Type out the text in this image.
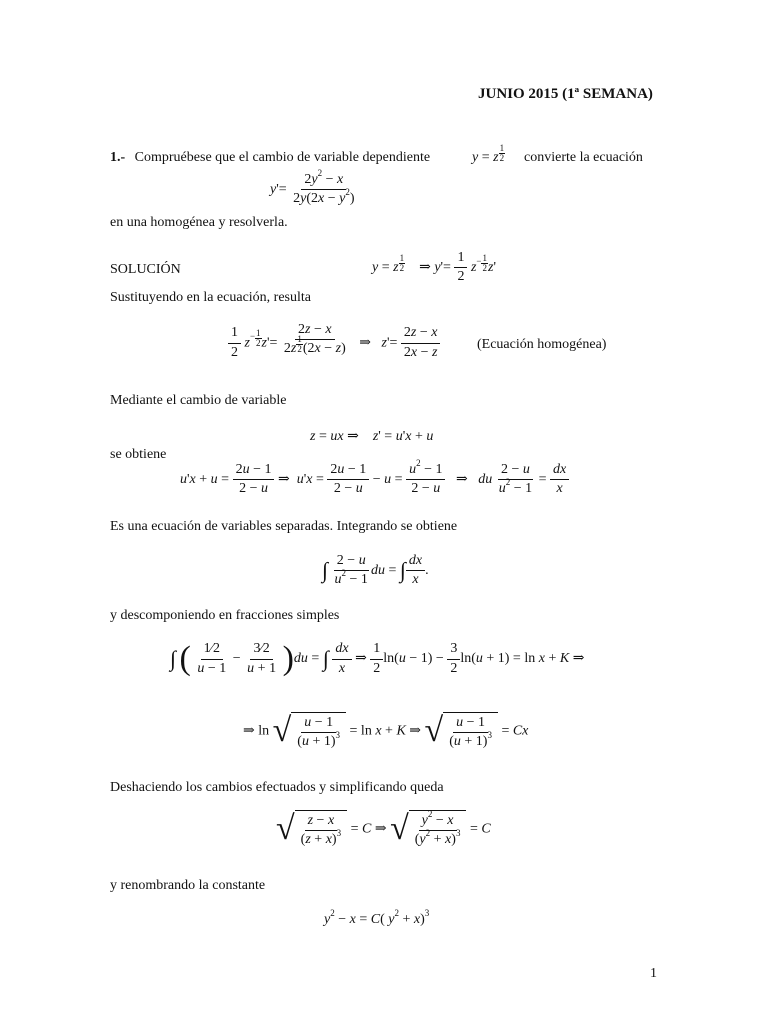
JUNIO 2015 (1ª SEMANA)
1.- Compruébese que el cambio de variable dependiente	y = z $\frac{1}{2}$ convierte la ecuación
$y'= \frac{2y^2 - x}{2y(2x - y^2)}$
en una homogénea y resolverla.
SOLUCIÓN	y = z $\frac{1}{2}$ ⇒ $y'= \frac{1}{2} z^- \frac{1}{2} z'$
Sustituyendo en la ecuación, resulta
$\frac{1}{2} z^- \frac{1}{2} z'= \frac{2z - x}{2z \frac{1}{2} (2x - z)}$ ⇒   $z'= \frac{2z - x}{2x - z}$	(Ecuación homogénea)
Mediante el cambio de variable
z = ux ⇒    z' = u'x + u
se obtiene
$u'x + u = \frac{2u - 1}{2 - u}$ ⇒  $u'x = \frac{2u - 1}{2 - u} - u = \frac{u^2 - 1}{2 - u}$ ⇒   du $\frac{2 - u}{u^2 - 1} = \frac{dx}{x}$
Es una ecuación de variables separadas. Integrando se obtiene
∫ $\frac{2 - u}{u^2 - 1}$ du = ∫ $\frac{dx}{x}$ .
y descomponiendo en fracciones simples
∫ ( $\frac{1⁄2}{u - 1} - \frac{3⁄2}{u + 1} )du$ = ∫ $\frac{dx}{x}$ ⇒ $\frac{1}{2} \ln(u - 1) - \frac{3}{2} \ln(u + 1) = \ln x + K$ ⇒
⇒ ln √ $\frac{u - 1}{(u + 1)^3} = \ln x + K$ ⇒ √ $\frac{u - 1}{(u + 1)^3} = Cx$
Deshaciendo los cambios efectuados y simplificando queda
√ $\frac{z - x}{(z + x)^3} = C$ ⇒ √ $\frac{y^2 - x}{(y^2 + x)^3} = C$
y renombrando la constante
$y^2 - x = C$( $y^2 + x)^3$
1
